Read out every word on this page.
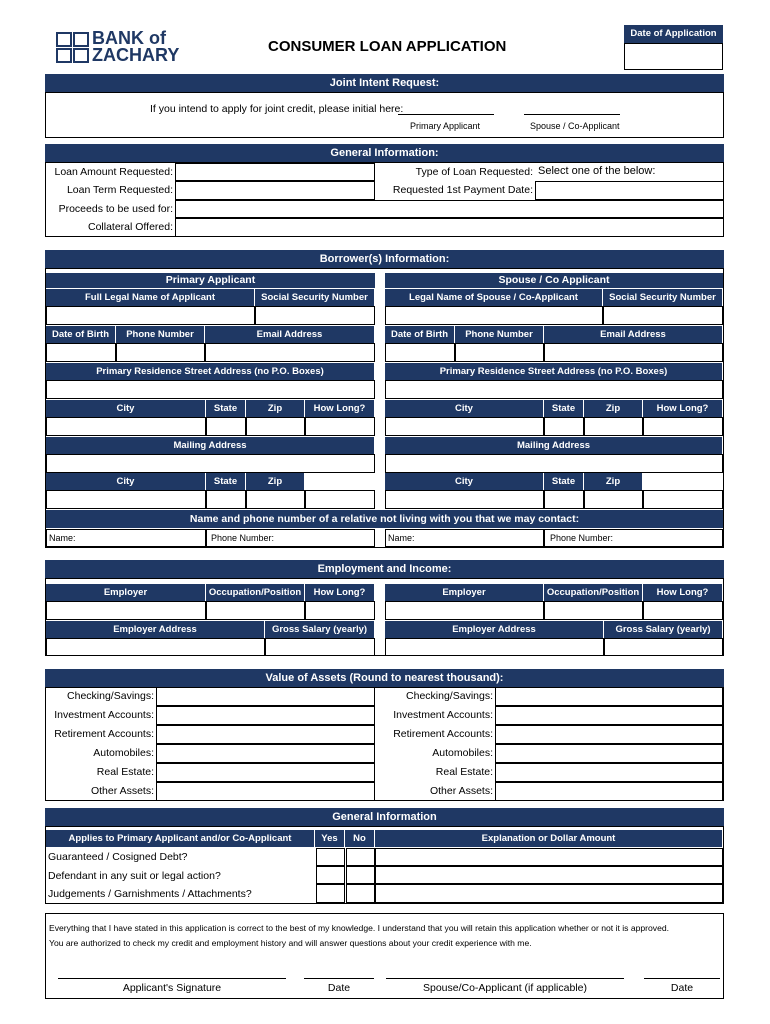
BANK of
ZACHARY	CONSUMER LOAN APPLICATION
Date of Application
Joint Intent Request:
If you intend to apply for joint credit, please initial here:
Primary Applicant	Spouse / Co-Applicant
General Information:
Loan Amount Requested:
Loan Term Requested:
Type of Loan Requested: Select one of the below:
Requested 1st Payment Date:
Proceeds to be used for:
Collateral Offered:
Borrower(s) Information:
Primary Applicant	Spouse / Co Applicant
Full Legal Name of Applicant	Social Security Number	Legal Name of Spouse / Co-Applicant	Social Security Number
Date of Birth	Phone Number	Email Address	Date of Birth	Phone Number	Email Address
Primary Residence Street Address (no P.O. Boxes)	Primary Residence Street Address (no P.O. Boxes)
City	State	Zip	How Long?	City	State	Zip	How Long?
Mailing Address	Mailing Address
City	State	Zip	City	State	Zip
Name and phone number of a relative not living with you that we may contact:
Name:	Phone Number:	Name:	Phone Number:
Employment and Income:
Employer	Occupation/Position	How Long?	Employer	Occupation/Position	How Long?
Employer Address	Gross Salary (yearly)	Employer Address	Gross Salary (yearly)
Value of Assets (Round to nearest thousand):
Checking/Savings:
Investment Accounts:
Retirement Accounts:
Automobiles:
Real Estate:
Other Assets:
Checking/Savings:
Investment Accounts:
Retirement Accounts:
Automobiles:
Real Estate:
Other Assets:
General Information
Applies to Primary Applicant and/or Co-Applicant	Yes	No	Explanation or Dollar Amount
Guaranteed / Cosigned Debt?
Defendant in any suit or legal action?
Judgements / Garnishments / Attachments?
Everything that I have stated in this application is correct to the best of my knowledge. I understand that you will retain this application whether or not it is approved.
You are authorized to check my credit and employment history and will answer questions about your credit experience with me.
Applicant's Signature	Date	Spouse/Co-Applicant (if applicable)	Date
